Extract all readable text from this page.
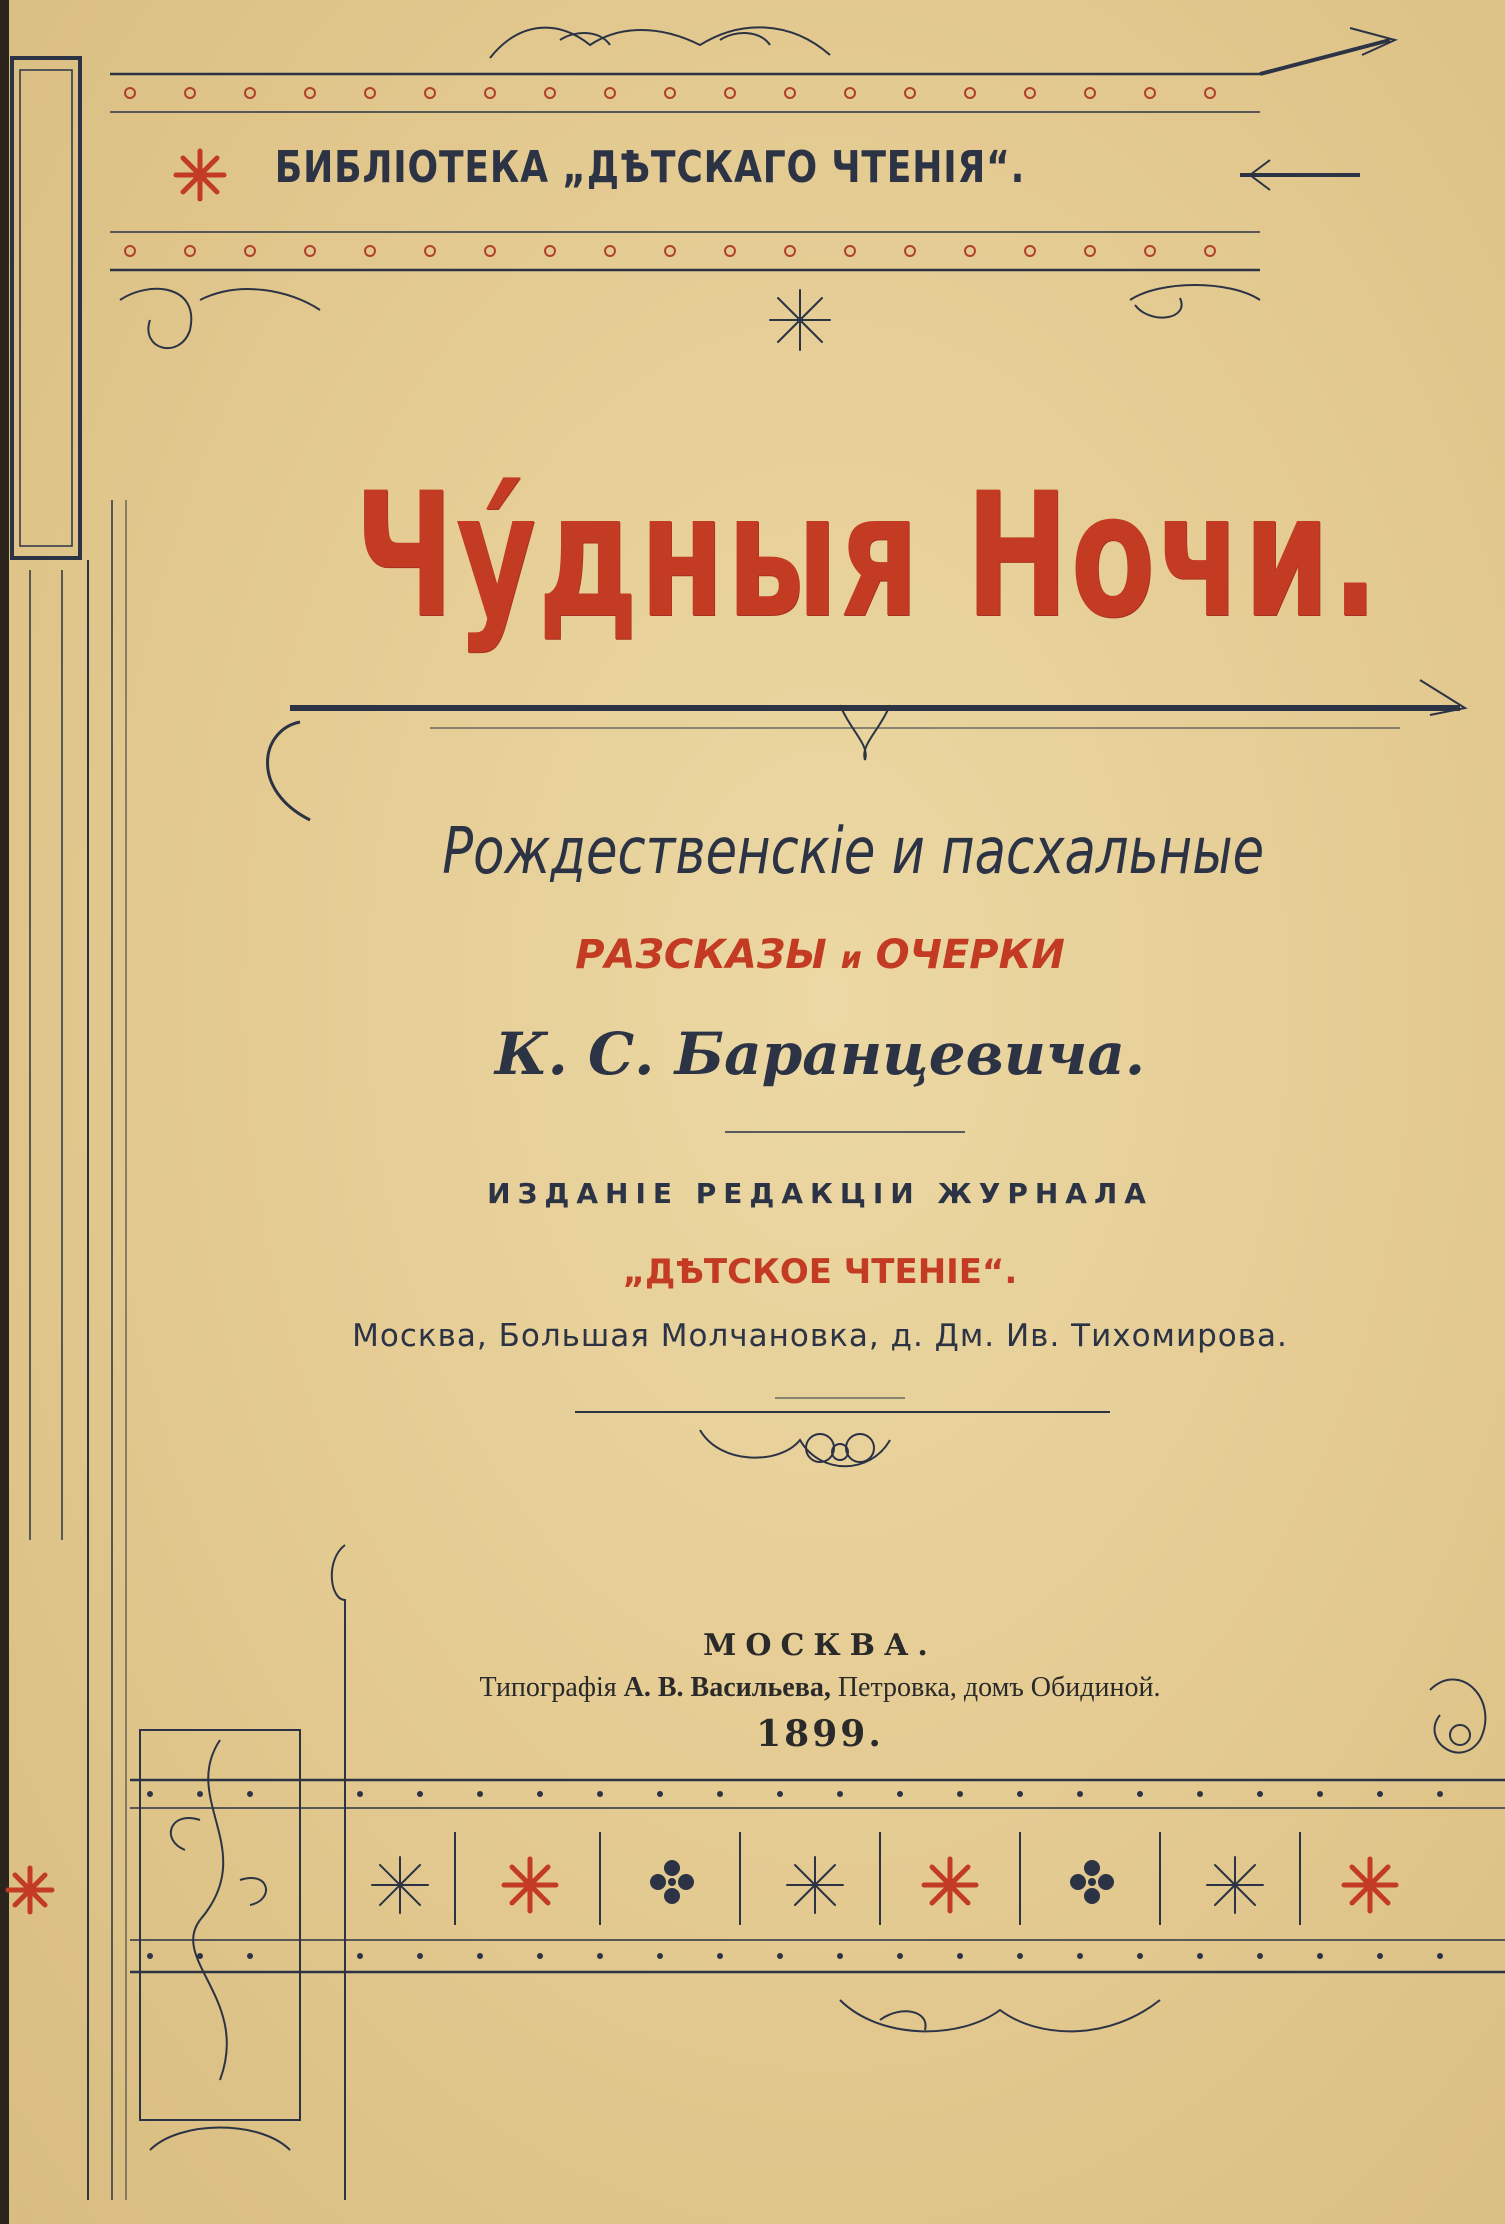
БИБЛІОТЕКА „ДѢТСКАГО ЧТЕНІЯ“.
Чу́дныя Ночи.
Рождественскіе и пасхальные
РАЗСКАЗЫ и ОЧЕРКИ
К. С. Баранцевича.
ИЗДАНІЕ РЕДАКЦІИ ЖУРНАЛА
„ДѢТСКОЕ ЧТЕНІЕ“.
Москва, Большая Молчановка, д. Дм. Ив. Тихомирова.
МОСКВА.
Типографія А. В. Васильева, Петровка, домъ Обидиной.
1899.
